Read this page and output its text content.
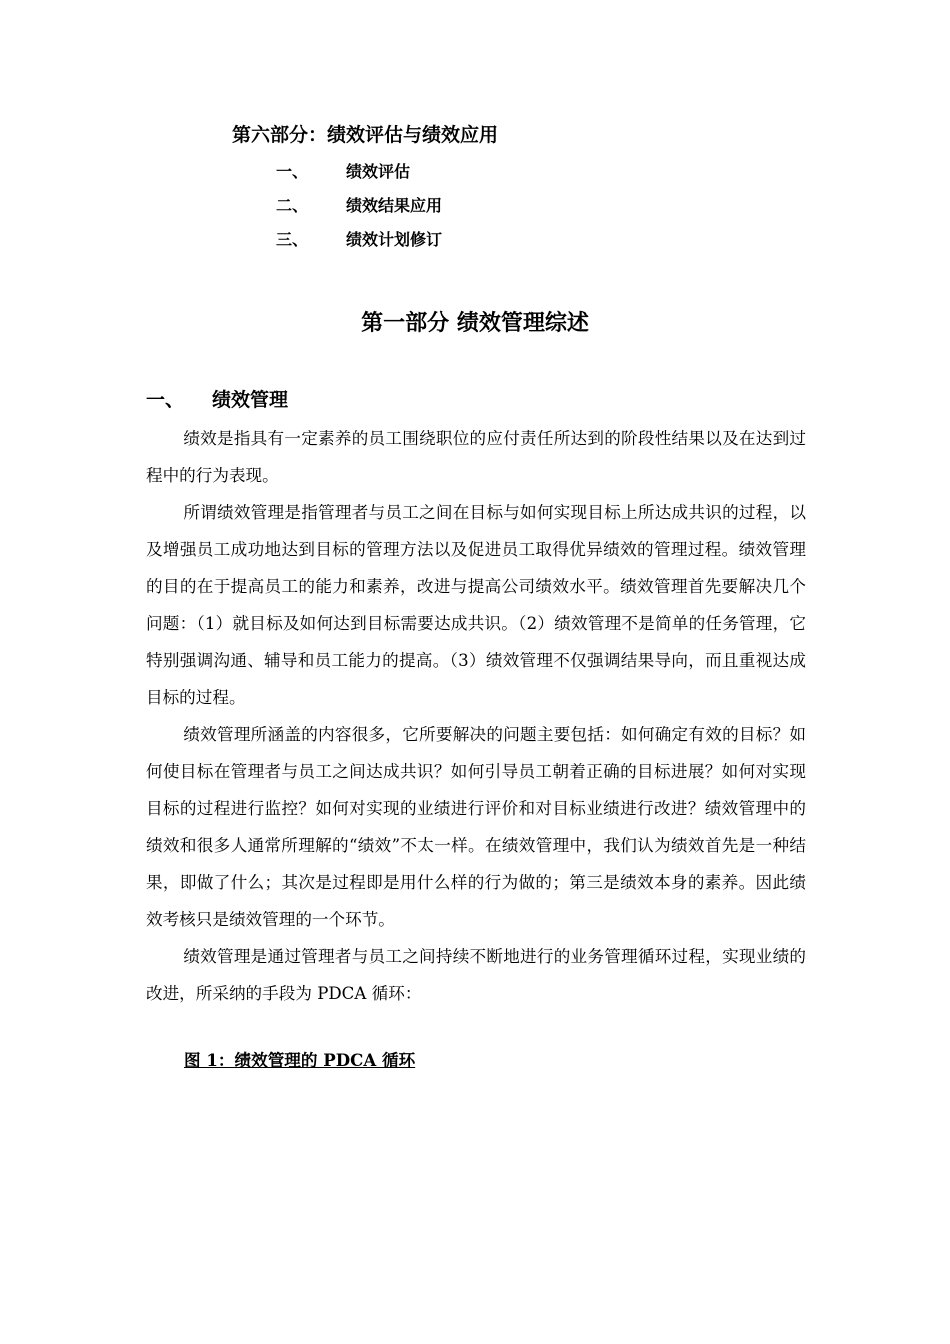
第六部分：绩效评估与绩效应用
一、 绩效评估
二、 绩效结果应用
三、 绩效计划修订
第一部分 绩效管理综述
一、 绩效管理

绩效是指具有一定素养的员工围绕职位的应付责任所达到的阶段性结果以及在达到过程中的行为表现。

所谓绩效管理是指管理者与员工之间在目标与如何实现目标上所达成共识的过程，以及增强员工成功地达到目标的管理方法以及促进员工取得优异绩效的管理过程。绩效管理的目的在于提高员工的能力和素养，改进与提高公司绩效水平。绩效管理首先要解决几个问题：（1）就目标及如何达到目标需要达成共识。（2）绩效管理不是简单的任务管理，它特别强调沟通、辅导和员工能力的提高。（3）绩效管理不仅强调结果导向，而且重视达成目标的过程。

绩效管理所涵盖的内容很多，它所要解决的问题主要包括：如何确定有效的目标？如何使目标在管理者与员工之间达成共识？如何引导员工朝着正确的目标进展？如何对实现目标的过程进行监控？如何对实现的业绩进行评价和对目标业绩进行改进？绩效管理中的绩效和很多人通常所理解的“绩效”不太一样。在绩效管理中，我们认为绩效首先是一种结果，即做了什么；其次是过程即是用什么样的行为做的；第三是绩效本身的素养。因此绩效考核只是绩效管理的一个环节。

绩效管理是通过管理者与员工之间持续不断地进行的业务管理循环过程，实现业绩的改进，所采纳的手段为 PDCA 循环：

图 1：绩效管理的 PDCA 循环
